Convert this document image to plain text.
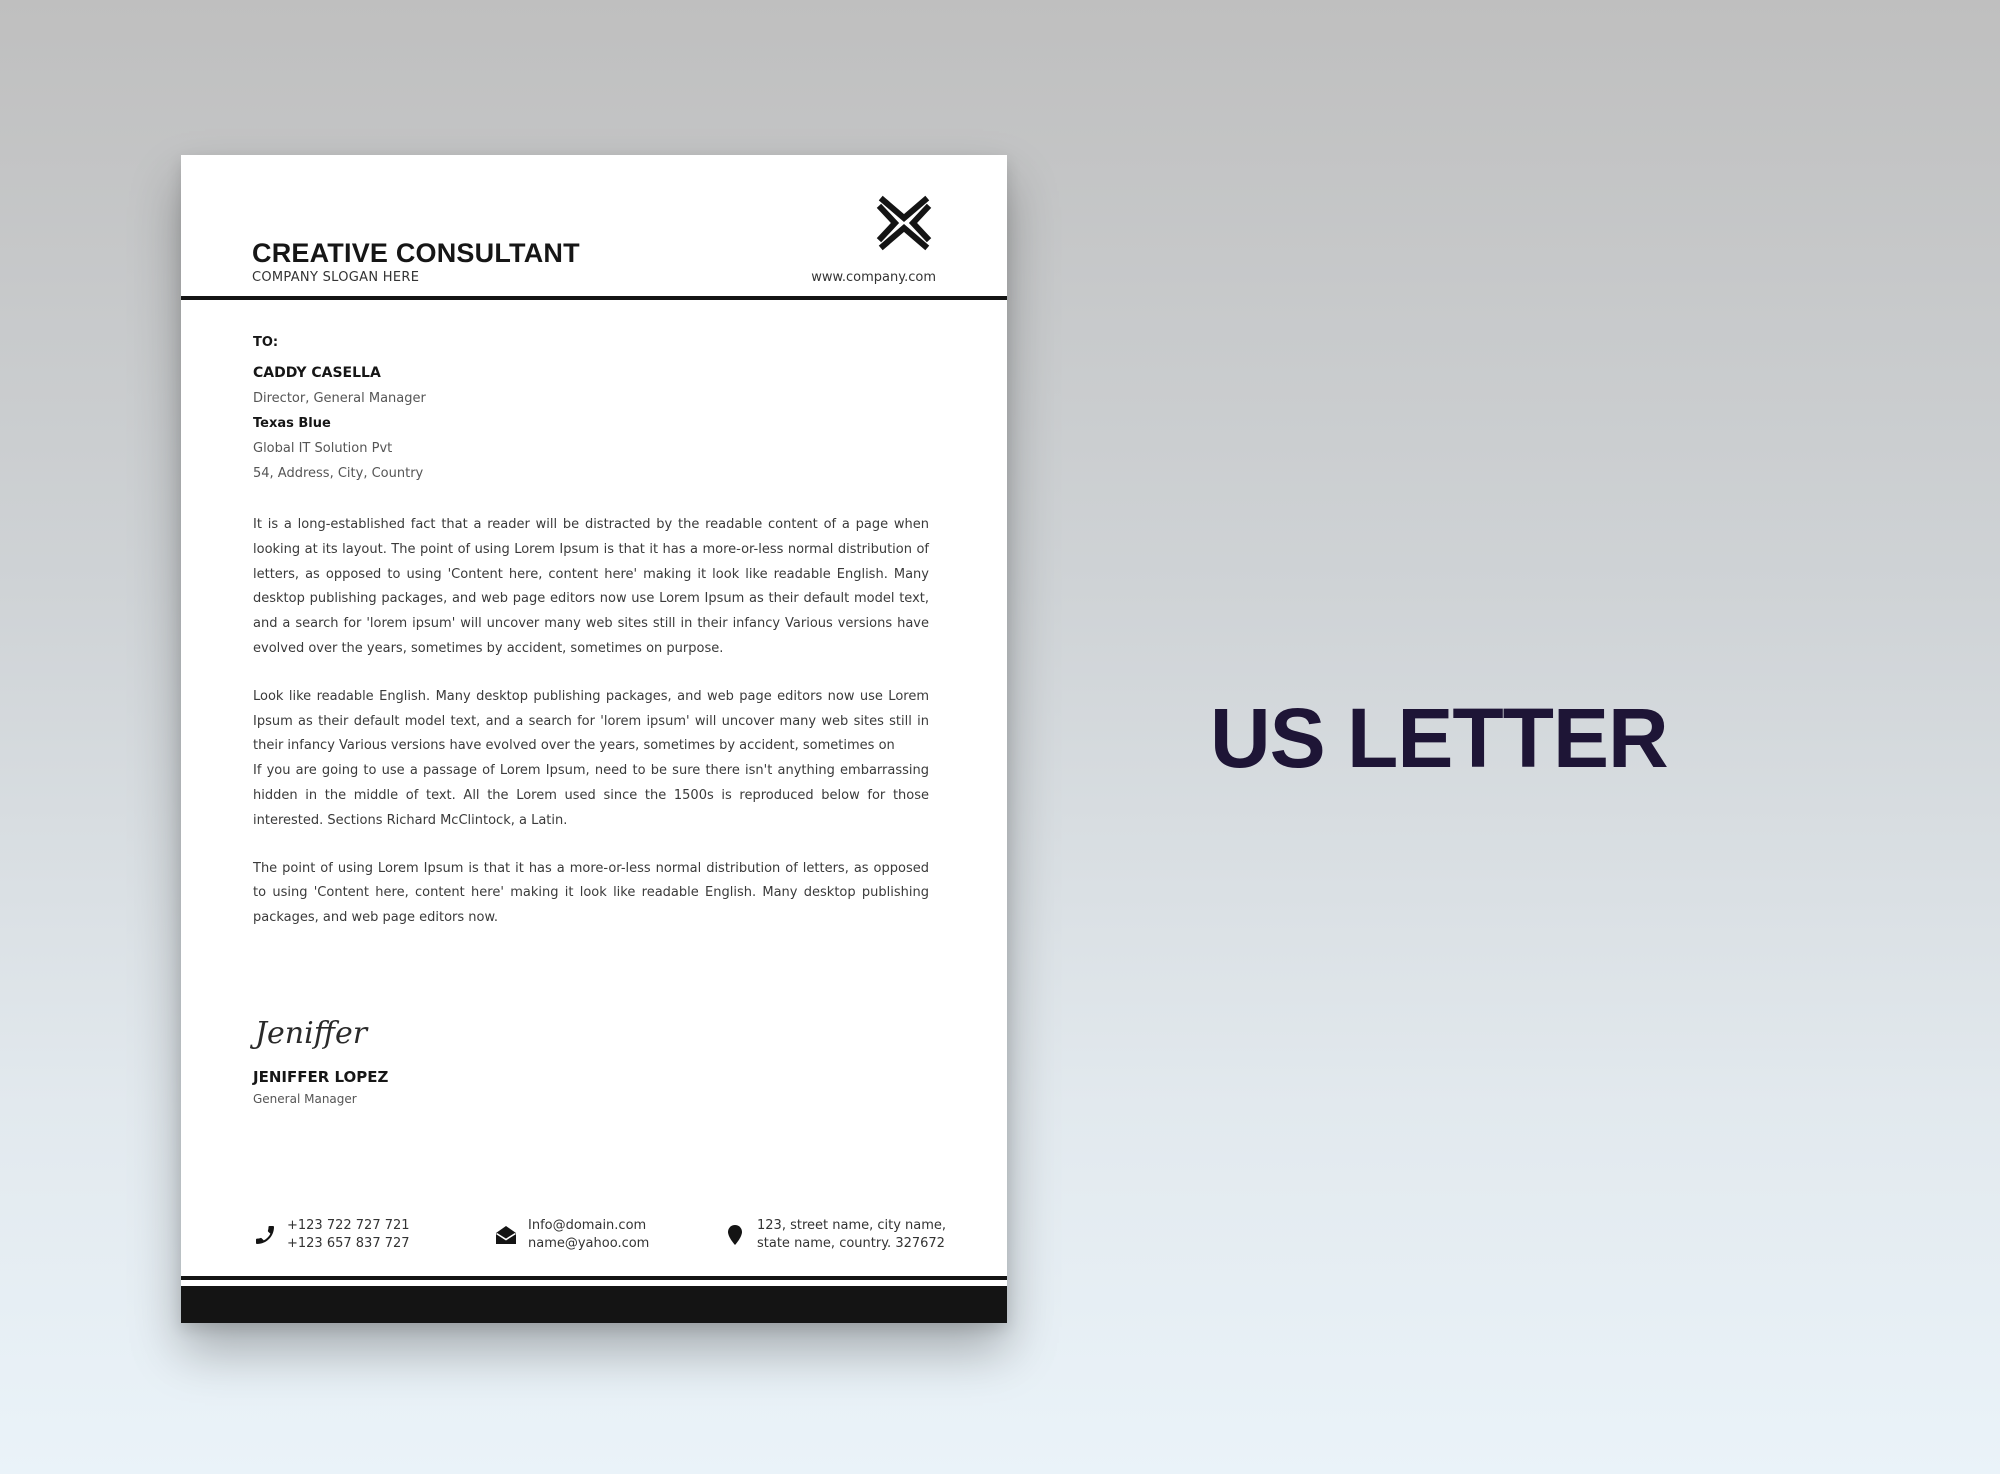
CREATIVE CONSULTANT
COMPANY SLOGAN HERE	www.company.com
TO:
CADDY CASELLA
Director, General Manager
Texas Blue
Global IT Solution Pvt
54, Address, City, Country

It is a long-established fact that a reader will be distracted by the readable content of a page when looking at its layout. The point of using Lorem Ipsum is that it has a more-or-less normal distribution of letters, as opposed to using 'Content here, content here' making it look like readable English. Many desktop publishing packages, and web page editors now use Lorem Ipsum as their default model text, and a search for 'lorem ipsum' will uncover many web sites still in their infancy Various versions have evolved over the years, sometimes by accident, sometimes on purpose.

Look like readable English. Many desktop publishing packages, and web page editors now use Lorem Ipsum as their default model text, and a search for 'lorem ipsum' will uncover many web sites still in their infancy Various versions have evolved over the years, sometimes by accident, sometimes on

If you are going to use a passage of Lorem Ipsum, need to be sure there isn't anything embarrassing hidden in the middle of text. All the Lorem used since the 1500s is reproduced below for those interested. Sections Richard McClintock, a Latin.

The point of using Lorem Ipsum is that it has a more-or-less normal distribution of letters, as opposed to using 'Content here, content here' making it look like readable English. Many desktop publishing packages, and web page editors now.

Jeniffer
JENIFFER LOPEZ
General Manager
+123 722 727 721
+123 657 837 727
Info@domain.com
name@yahoo.com
123, street name, city name,
state name, country. 327672
US LETTER
